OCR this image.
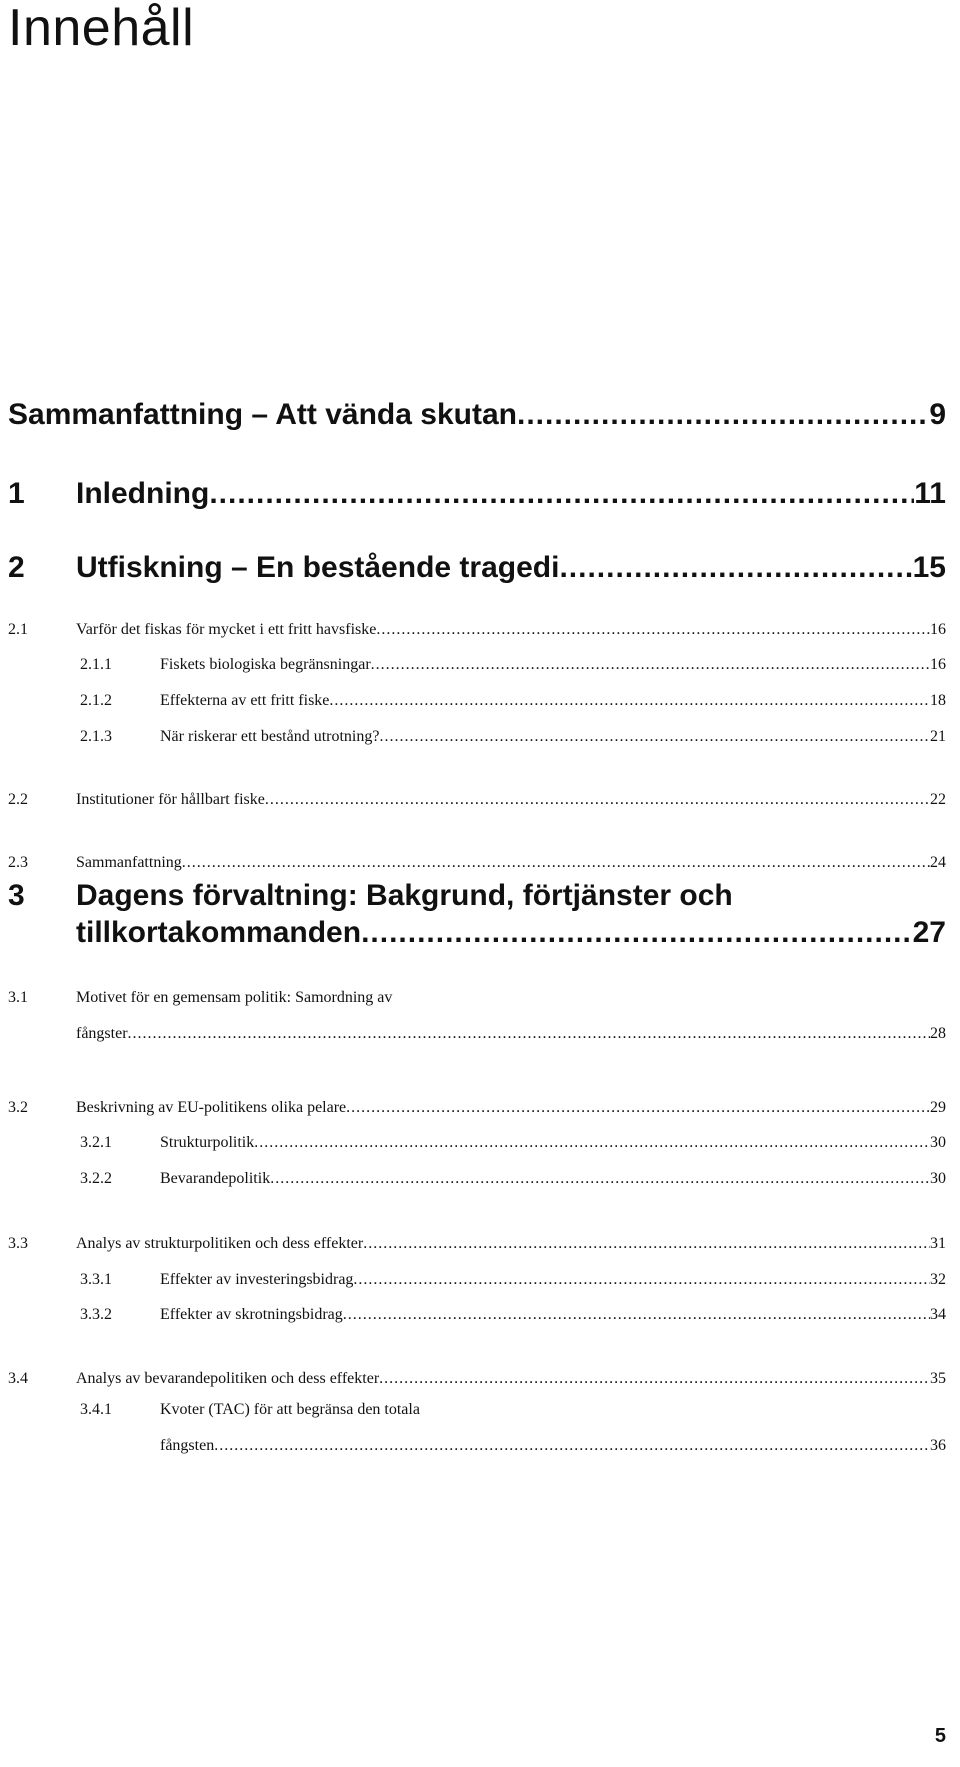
Innehåll
Sammanfattning – Att vända skutan .....	9
1	Inledning .....	11
2	Utfiskning – En bestående tragedi .....	15
2.1	Varför det fiskas för mycket i ett fritt havsfiske .....	16
2.1.1	Fiskets biologiska begränsningar .....	16
2.1.2	Effekterna av ett fritt fiske .....	18
2.1.3	När riskerar ett bestånd utrotning? .....	21
2.2	Institutioner för hållbart fiske .....	22
2.3	Sammanfattning .....	24
3	Dagens förvaltning: Bakgrund, förtjänster och
tillkortakommanden .....	27
3.1	Motivet för en gemensam politik: Samordning av
fångster .....	28
3.2	Beskrivning av EU-politikens olika pelare .....	29
3.2.1	Strukturpolitik .....	30
3.2.2	Bevarandepolitik .....	30
3.3	Analys av strukturpolitiken och dess effekter .....	31
3.3.1	Effekter av investeringsbidrag .....	32
3.3.2	Effekter av skrotningsbidrag .....	34
3.4	Analys av bevarandepolitiken och dess effekter .....	35
3.4.1	Kvoter (TAC) för att begränsa den totala
fångsten .....	36
5
